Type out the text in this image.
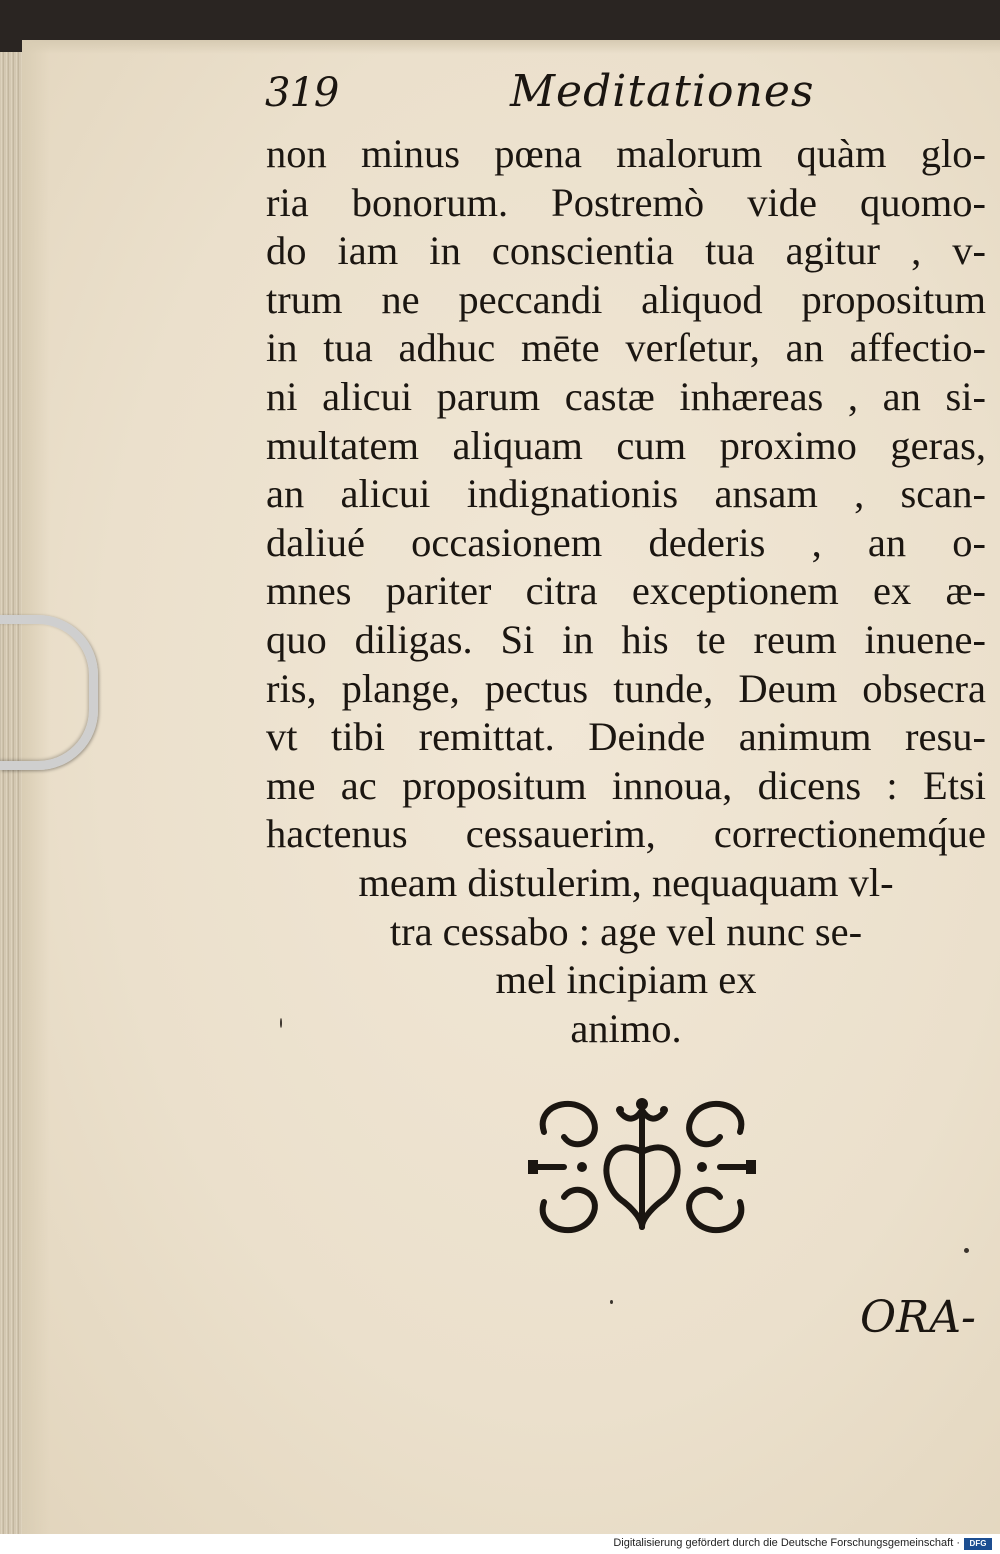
319	Meditationes
non minus pœna malorum quàm glo-
ria bonorum. Postremò vide quomo-
do iam in conscientia tua agitur , v-
trum ne peccandi aliquod propositum
in tua adhuc mēte verſetur, an affectio-
ni alicui parum castæ inhæreas , an si-
multatem aliquam cum proximo geras,
an alicui indignationis ansam , scan-
daliué occasionem dederis , an o-
mnes pariter citra exceptionem ex æ-
quo diligas. Si in his te reum inuene-
ris, plange, pectus tunde, Deum obsecra
vt tibi remittat. Deinde animum resu-
me ac propositum innoua, dicens : Etsi
hactenus cessauerim, correctionemq́ue
meam distulerim, nequaquam vl-
tra cessabo : age vel nunc se-
mel incipiam ex
animo.
ORA-
Digitalisierung gefördert durch die Deutsche Forschungsgemeinschaft ·	DFG
